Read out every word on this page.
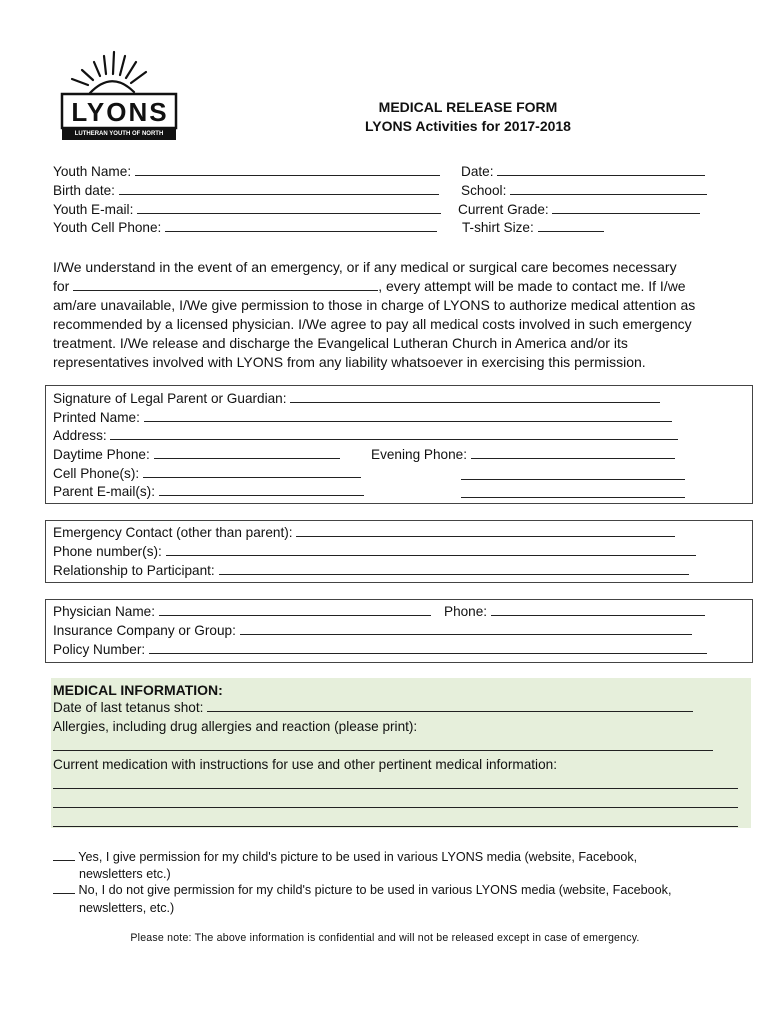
LYONS
LUTHERAN YOUTH OF NORTH SEATTLE
MEDICAL RELEASE FORM
LYONS Activities for 2017-2018
Youth Name:	Date:
Birth date:	School:
Youth E-mail:	Current Grade:
Youth Cell Phone:	T-shirt Size:
I/We understand in the event of an emergency, or if any medical or surgical care becomes necessary
for	, every attempt will be made to contact me. If I/we
am/are unavailable, I/We give permission to those in charge of LYONS to authorize medical attention as
recommended by a licensed physician. I/We agree to pay all medical costs involved in such emergency
treatment. I/We release and discharge the Evangelical Lutheran Church in America and/or its
representatives involved with LYONS from any liability whatsoever in exercising this permission.
Signature of Legal Parent or Guardian:
Printed Name:
Address:
Daytime Phone:	Evening Phone:
Cell Phone(s):
Parent E-mail(s):
Emergency Contact (other than parent):
Phone number(s):
Relationship to Participant:
Physician Name:	Phone:
Insurance Company or Group:
Policy Number:
MEDICAL INFORMATION:
Date of last tetanus shot:
Allergies, including drug allergies and reaction (please print):
Current medication with instructions for use and other pertinent medical information:
Yes, I give permission for my child's picture to be used in various LYONS media (website, Facebook,
newsletters etc.)
No, I do not give permission for my child's picture to be used in various LYONS media (website, Facebook,
newsletters, etc.)
Please note: The above information is confidential and will not be released except in case of emergency.
